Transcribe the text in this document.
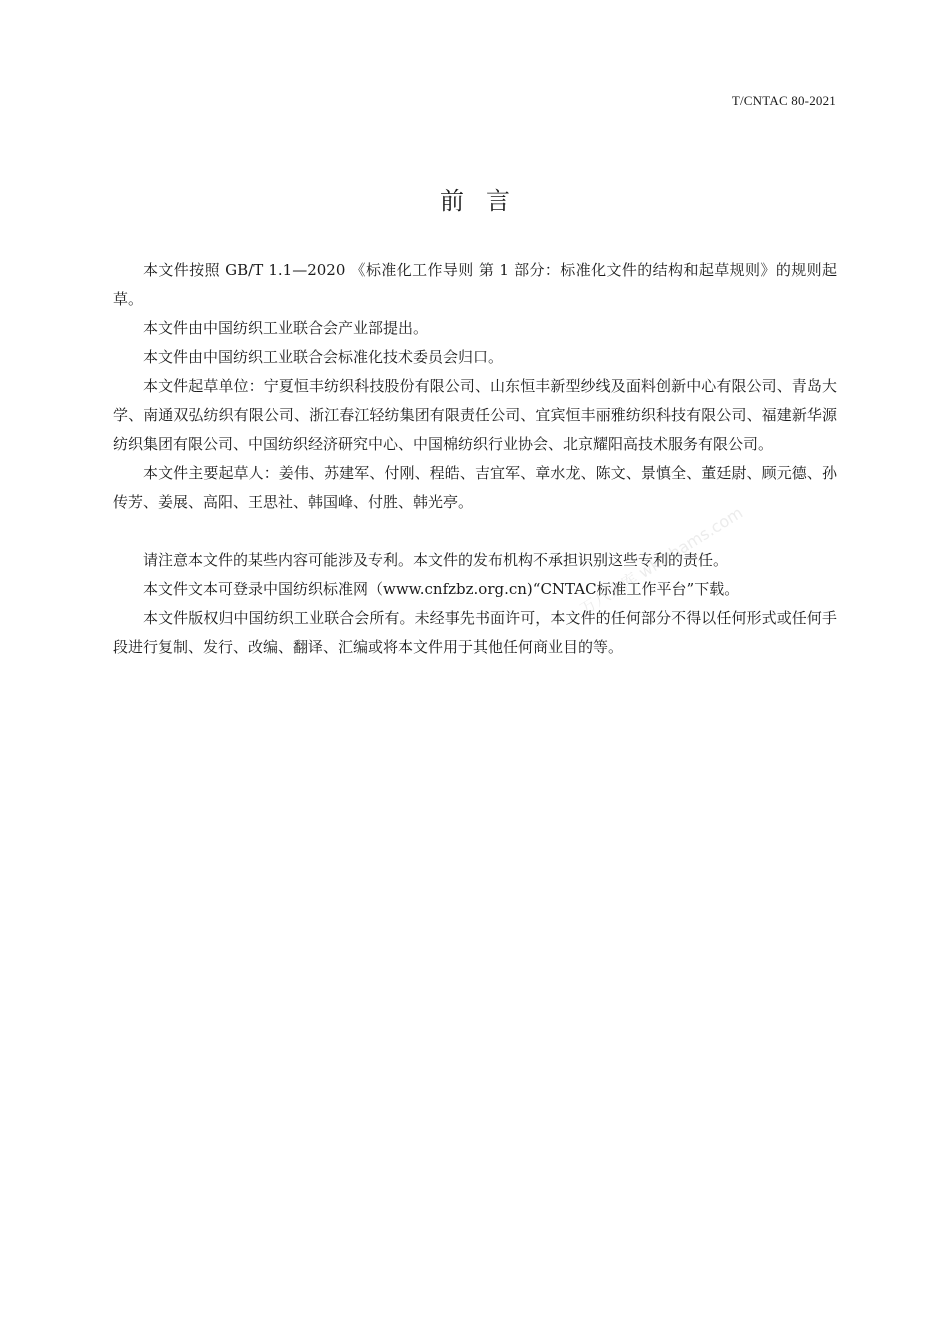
T/CNTAC 80-2021
前言

本文件按照 GB/T 1.1—2020 《标准化工作导则 第 1 部分：标准化文件的结构和起草规则》的规则起草。

本文件由中国纺织工业联合会产业部提出。

本文件由中国纺织工业联合会标准化技术委员会归口。

本文件起草单位：宁夏恒丰纺织科技股份有限公司、山东恒丰新型纱线及面料创新中心有限公司、青岛大学、南通双弘纺织有限公司、浙江春江轻纺集团有限责任公司、宜宾恒丰丽雅纺织科技有限公司、福建新华源纺织集团有限公司、中国纺织经济研究中心、中国棉纺织行业协会、北京耀阳高技术服务有限公司。

本文件主要起草人：姜伟、苏建军、付刚、程皓、吉宜军、章水龙、陈文、景慎全、董廷尉、顾元德、孙传芳、姜展、高阳、王思社、韩国峰、付胜、韩光亭。

请注意本文件的某些内容可能涉及专利。本文件的发布机构不承担识别这些专利的责任。

本文件文本可登录中国纺织标准网（www.cnfzbz.org.cn)“CNTAC标准工作平台”下载。

本文件版权归中国纺织工业联合会所有。未经事先书面许可，本文件的任何部分不得以任何形式或任何手段进行复制、发行、改编、翻译、汇编或将本文件用于其他任何商业目的等。

万八文库 wk.zhams.com
